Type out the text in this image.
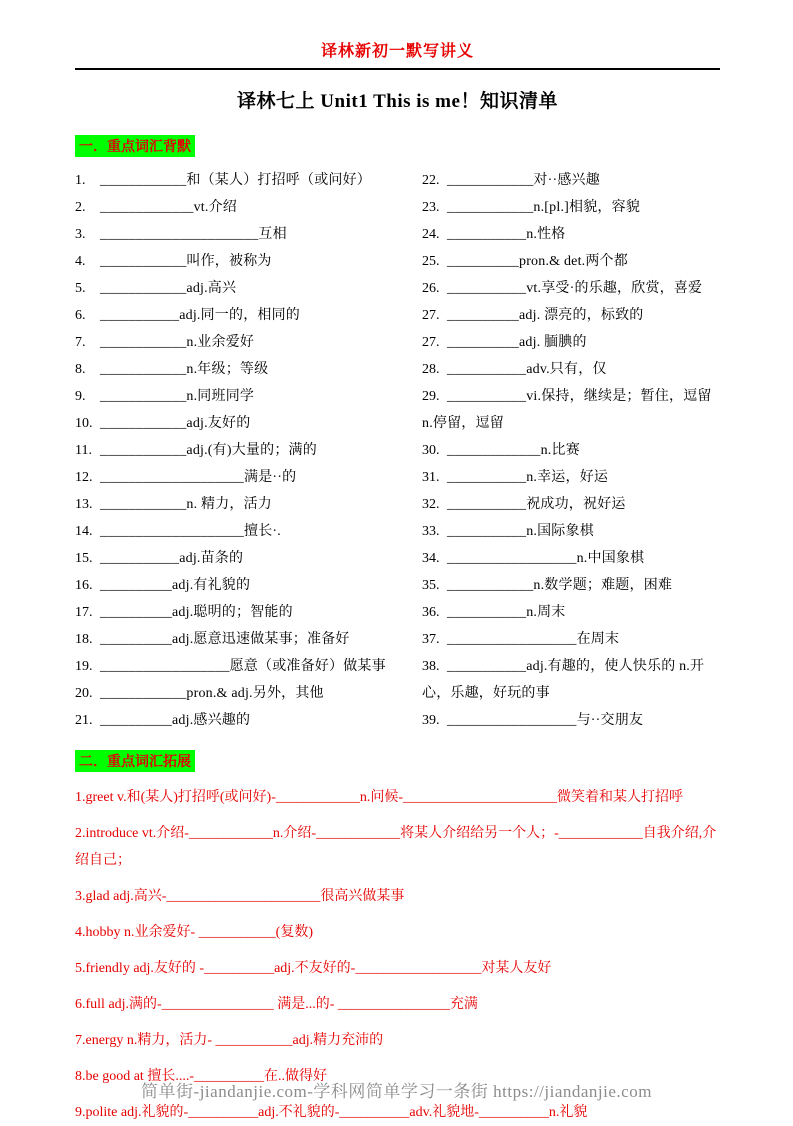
译林新初一默写讲义
译林七上 Unit1 This is me！知识清单
一．重点词汇背默
1. ____________和（某人）打招呼（或问好）
2. _____________vt.介绍
3. ______________________互相
4. ____________叫作，被称为
5. ____________adj.高兴
6. ___________adj.同一的，相同的
7. ____________n.业余爱好
8. ____________n.年级；等级
9. ____________n.同班同学
10. ____________adj.友好的
11. ____________adj.(有)大量的；满的
12. ____________________满是··的
13. ____________n. 精力，活力
14. ____________________擅长·.
15. ___________adj.苗条的
16. __________adj.有礼貌的
17. __________adj.聪明的；智能的
18. __________adj.愿意迅速做某事；准备好
19. __________________愿意（或准备好）做某事
20. ____________pron.& adj.另外，其他
21. __________adj.感兴趣的
22. ____________对··感兴趣
23. ____________n.[pl.]相貌，容貌
24. ___________n.性格
25. __________pron.& det.两个都
26. ___________vt.享受·的乐趣，欣赏，喜爱
27. __________adj. 漂亮的，标致的
27. __________adj. 腼腆的
28. ___________adv.只有，仅
29. ___________vi.保持，继续是；暂住，逗留 n.停留，逗留
30. _____________n.比赛
31. ___________n.幸运，好运
32. ___________祝成功，祝好运
33. ___________n.国际象棋
34. __________________n.中国象棋
35. ____________n.数学题；难题，困难
36. ___________n.周末
37. __________________在周末
38. ___________adj.有趣的，使人快乐的 n.开心，乐趣，好玩的事
39. __________________与··交朋友
二．重点词汇拓展

1.greet v.和(某人)打招呼(或问好)-____________n.问候-______________________微笑着和某人打招呼

2.introduce vt.介绍-____________n.介绍-____________将某人介绍给另一个人；-____________自我介绍,介绍自己；

3.glad adj.高兴-______________________很高兴做某事

4.hobby n.业余爱好- ___________(复数)

5.friendly adj.友好的 -__________adj.不友好的-__________________对某人友好

6.full adj.满的-________________ 满是...的- ________________充满

7.energy n.精力，活力- ___________adj.精力充沛的

8.be good at 擅长....-__________在..做得好

9.polite adj.礼貌的-__________adj.不礼貌的-__________adv.礼貌地-__________n.礼貌

简单街-jiandanjie.com-学科网简单学习一条街 https://jiandanjie.com
